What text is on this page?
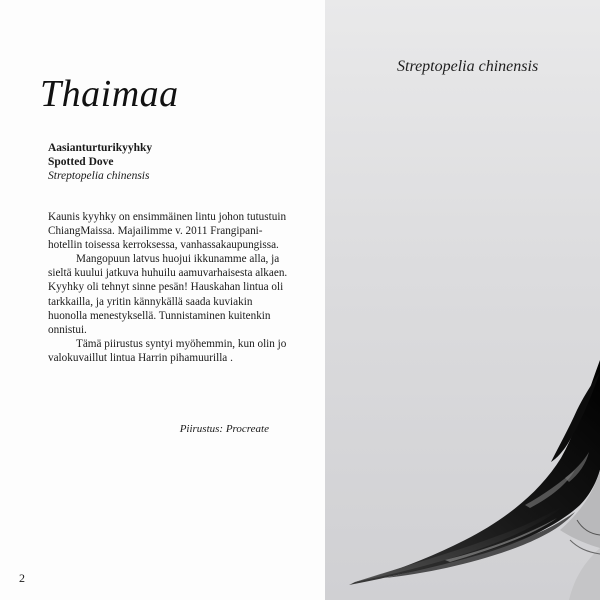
Thaimaa
Aasianturturikyyhky
Spotted Dove
Streptopelia chinensis

Kaunis kyyhky on ensimmäinen lintu johon tutustuin ChiangMaissa. Majailimme v. 2011 Frangipani-hotellin toisessa kerroksessa, vanhassakaupungissa.

Mangopuun latvus huojui ikkunamme alla, ja sieltä kuului jatkuva huhuilu aamuvarhaisesta alkaen. Kyyhky oli tehnyt sinne pesän! Hauskahan lintua oli tarkkailla, ja yritin kännykällä saada kuviakin huonolla menestyksellä. Tunnistaminen kuitenkin onnistui.

Tämä piirustus syntyi myöhemmin, kun olin jo valokuvaillut lintua Harrin pihamuurilla .

Piirustus: Procreate
2
Streptopelia chinensis
